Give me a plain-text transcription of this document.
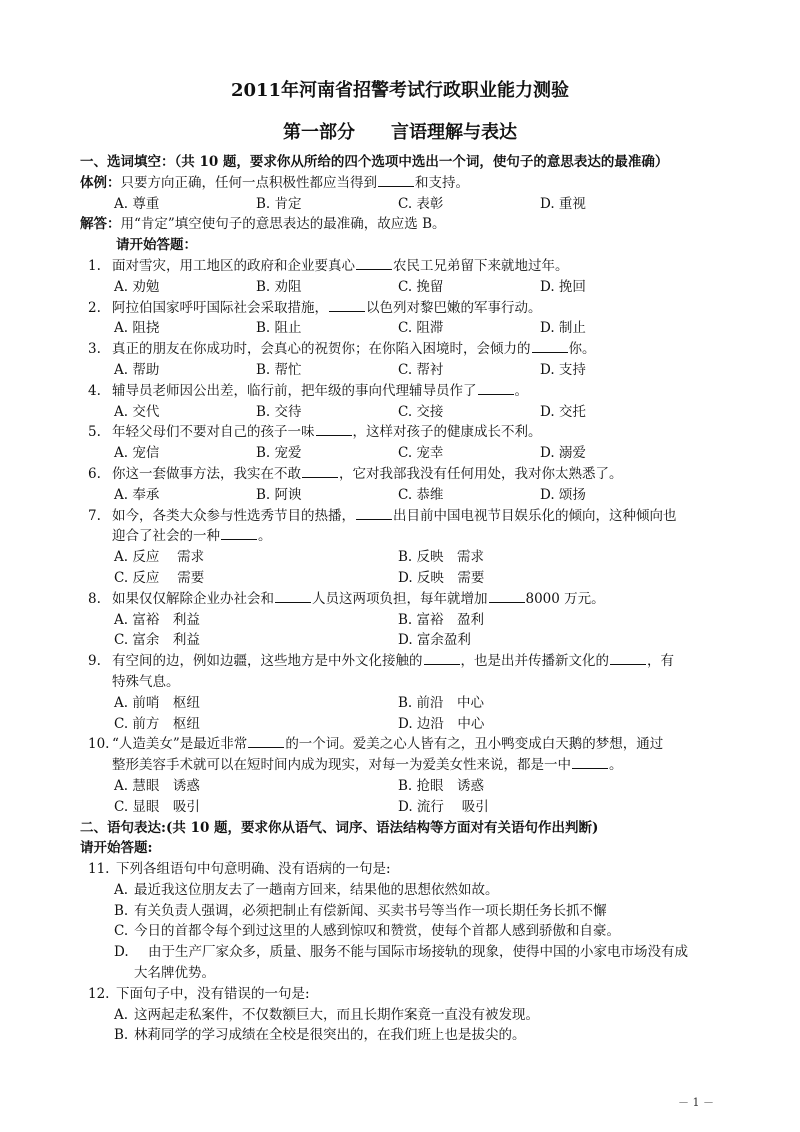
2011年河南省招警考试行政职业能力测验
第一部分 言语理解与表达
一、选词填空：（共 10 题，要求你从所给的四个选项中选出一个词，使句子的意思表达的最准确）
体例：只要方向正确，任何一点积极性都应当得到	和支持。
A. 尊重	B. 肯定	C. 表彰	D. 重视
解答：用“肯定”填空使句子的意思表达的最准确，故应选 B。
请开始答题：
1. 面对雪灾，用工地区的政府和企业要真心	农民工兄弟留下来就地过年。
A. 劝勉	B. 劝阻	C. 挽留	D. 挽回
2. 阿拉伯国家呼吁国际社会采取措施，	以色列对黎巴嫩的军事行动。
A. 阻挠	B. 阻止	C. 阻滞	D. 制止
3. 真正的朋友在你成功时，会真心的祝贺你；在你陷入困境时，会倾力的	你。
A. 帮助	B. 帮忙	C. 帮衬	D. 支持
4. 辅导员老师因公出差，临行前，把年级的事向代理辅导员作了	。
A. 交代	B. 交待	C. 交接	D. 交托
5. 年轻父母们不要对自己的孩子一味	，这样对孩子的健康成长不利。
A. 宠信	B. 宠爱	C. 宠幸	D. 溺爱
6. 你这一套做事方法，我实在不敢	，它对我部我没有任何用处，我对你太熟悉了。
A. 奉承	B. 阿谀	C. 恭维	D. 颂扬
7. 如今，各类大众参与性选秀节目的热播，	出目前中国电视节目娱乐化的倾向，这种倾向也
迎合了社会的一种	。
A. 反应　 需求	B. 反映　需求
C. 反应　 需要	D. 反映　需要
8. 如果仅仅解除企业办社会和	人员这两项负担，每年就增加	8000 万元。
A. 富裕　利益	B. 富裕　盈利
C. 富余　利益	D. 富余盈利
9. 有空间的边，例如边疆，这些地方是中外文化接触的	，也是出并传播新文化的	，有
特殊气息。
A. 前哨　枢纽	B. 前沿　中心
C. 前方　枢纽	D. 边沿　中心
10. “人造美女”是最近非常	的一个词。爱美之心人皆有之，丑小鸭变成白天鹅的梦想，通过
整形美容手术就可以在短时间内成为现实，对每一为爱美女性来说，都是一中	。
A. 慧眼　诱惑	B. 抢眼　诱惑
C. 显眼　吸引	D. 流行　 吸引
二、语句表达:(共 10 题，要求你从语气、词序、语法结构等方面对有关语句作出判断)
请开始答题:
11. 下列各组语句中句意明确、没有语病的一句是:
A. 最近我这位朋友去了一趟南方回来，结果他的思想依然如故。
B. 有关负责人强调，必须把制止有偿新闻、买卖书号等当作一项长期任务长抓不懈
C. 今日的首都令每个到过这里的人感到惊叹和赞赏，使每个首都人感到骄傲和自豪。
D. 由于生产厂家众多，质量、服务不能与国际市场接轨的现象，使得中国的小家电市场没有成
大名牌优势。
12. 下面句子中，没有错误的一句是:
A. 这两起走私案件，不仅数额巨大，而且长期作案竟一直没有被发现。
B. 林莉同学的学习成绩在全校是很突出的，在我们班上也是拔尖的。
－ 1 －
